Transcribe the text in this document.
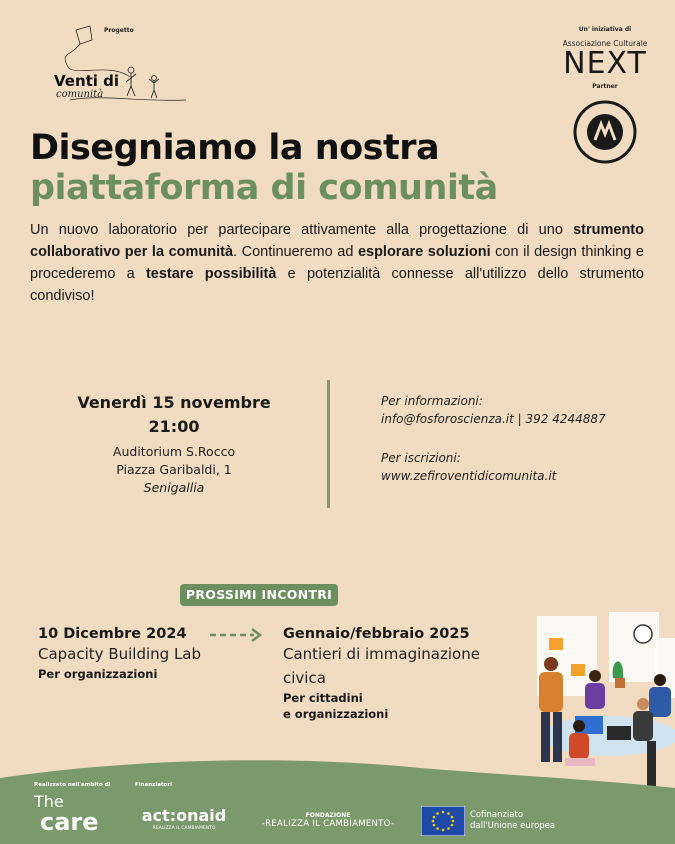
Progetto
Venti di
comunità
Un' iniziativa di
Associazione Culturale
NEXT
Partner
Disegniamo la nostra
piattaforma di comunità
Un nuovo laboratorio per partecipare attivamente alla progettazione di uno strumento collaborativo per la comunità. Continueremo ad esplorare soluzioni con il design thinking e procederemo a testare possibilità e potenzialità connesse all'utilizzo dello strumento condiviso!
Venerdì 15 novembre
21:00
Auditorium S.Rocco
Piazza Garibaldi, 1
Senigallia
Per informazioni:
info@fosforoscienza.it | 392 4244887
Per iscrizioni:
www.zefiroventidicomunita.it
PROSSIMI INCONTRI
10 Dicembre 2024
Capacity Building Lab
Per organizzazioni
Gennaio/febbraio 2025
Cantieri di immaginazione civica
Per cittadini
e organizzazioni
Realizzato nell'ambito di	Finanziatori
The
care	act:onaid
REALIZZA IL CAMBIAMENTO
FONDAZIONE
-REALIZZA IL CAMBIAMENTO-
Cofinanziato
dall'Unione europea
